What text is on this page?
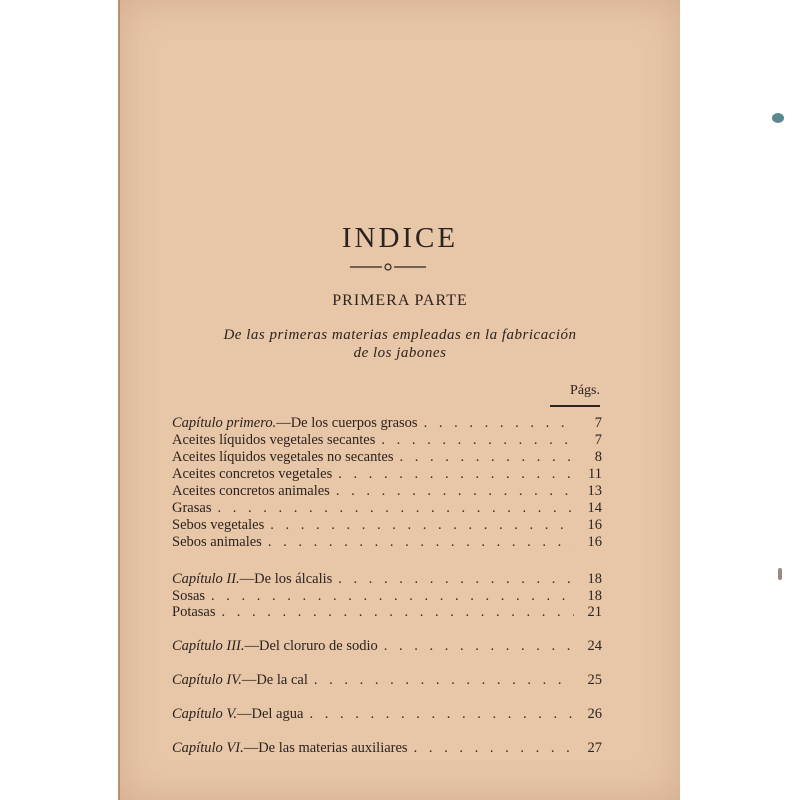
INDICE
PRIMERA PARTE
De las primeras materias empleadas en la fabricación
de los jabones
Págs.
Capítulo primero.—De los cuerpos grasos . . .	7
Aceites líquidos vegetales secantes . . .	7
Aceites líquidos vegetales no secantes . . .	8
Aceites concretos vegetales . . .	11
Aceites concretos animales . . .	13
Grasas . . .	14
Sebos vegetales . . .	16
Sebos animales . . .	16
Capítulo II.—De los álcalis . . .	18
Sosas . . .	18
Potasas . . .	21
Capítulo III.—Del cloruro de sodio . . .	24
Capítulo IV.—De la cal . . .	25
Capítulo V.—Del agua . . .	26
Capítulo VI.—De las materias auxiliares . . .	27
